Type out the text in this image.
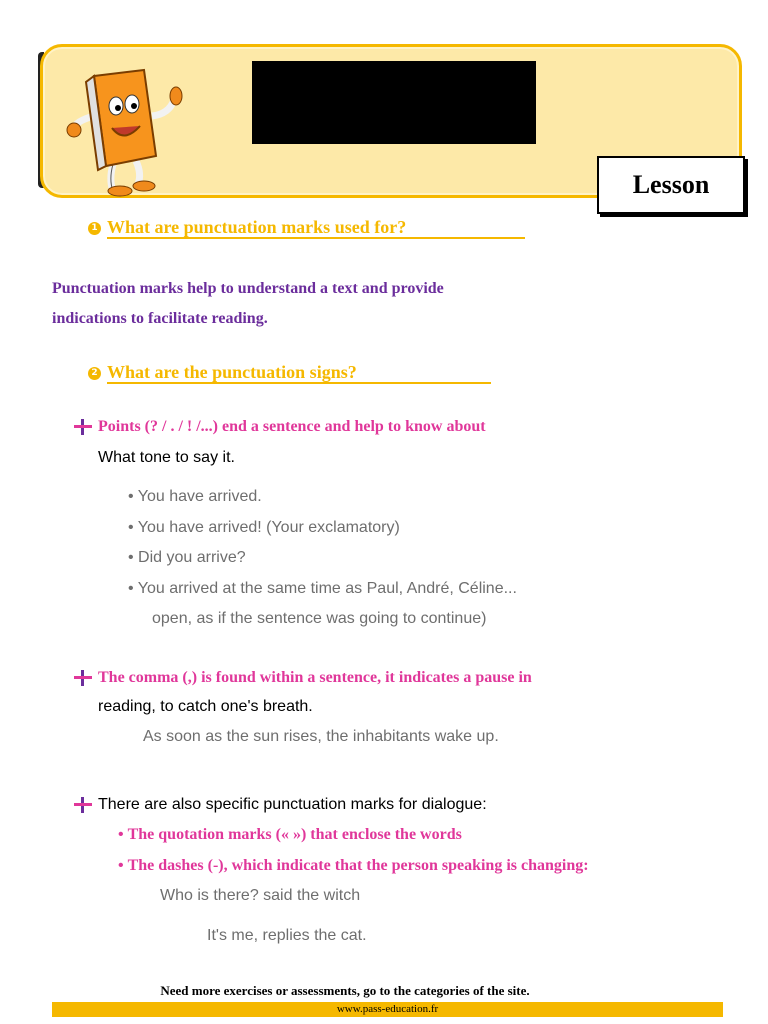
Lesson
1 What are punctuation marks used for?
Punctuation marks help to understand a text and provide
indications to facilitate reading.
2 What are the punctuation signs?
Points (? / . / ! /...) end a sentence and help to know about
What tone to say it.
• You have arrived.
• You have arrived! (Your exclamatory)
• Did you arrive?
• You arrived at the same time as Paul, André, Céline...
open, as if the sentence was going to continue)
The comma (,) is found within a sentence, it indicates a pause in
reading, to catch one's breath.
As soon as the sun rises, the inhabitants wake up.
There are also specific punctuation marks for dialogue:
• The quotation marks (« ») that enclose the words
• The dashes (-), which indicate that the person speaking is changing:
Who is there? said the witch
It's me, replies the cat.
Need more exercises or assessments, go to the categories of the site.
www.pass-education.fr
